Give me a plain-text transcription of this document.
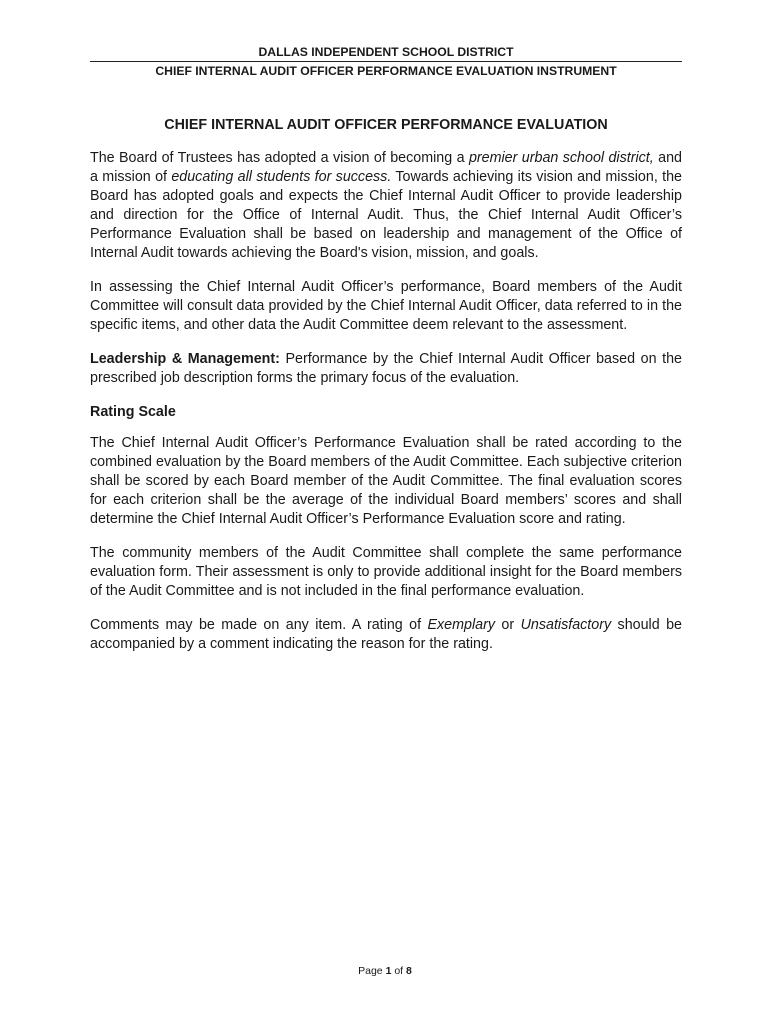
DALLAS INDEPENDENT SCHOOL DISTRICT
CHIEF INTERNAL AUDIT OFFICER PERFORMANCE EVALUATION INSTRUMENT
CHIEF INTERNAL AUDIT OFFICER PERFORMANCE EVALUATION

The Board of Trustees has adopted a vision of becoming a premier urban school district, and a mission of educating all students for success. Towards achieving its vision and mission, the Board has adopted goals and expects the Chief Internal Audit Officer to provide leadership and direction for the Office of Internal Audit. Thus, the Chief Internal Audit Officer’s Performance Evaluation shall be based on leadership and management of the Office of Internal Audit towards achieving the Board's vision, mission, and goals.

In assessing the Chief Internal Audit Officer’s performance, Board members of the Audit Committee will consult data provided by the Chief Internal Audit Officer, data referred to in the specific items, and other data the Audit Committee deem relevant to the assessment.

Leadership & Management: Performance by the Chief Internal Audit Officer based on the prescribed job description forms the primary focus of the evaluation.

Rating Scale

The Chief Internal Audit Officer’s Performance Evaluation shall be rated according to the combined evaluation by the Board members of the Audit Committee. Each subjective criterion shall be scored by each Board member of the Audit Committee. The final evaluation scores for each criterion shall be the average of the individual Board members’ scores and shall determine the Chief Internal Audit Officer’s Performance Evaluation score and rating.

The community members of the Audit Committee shall complete the same performance evaluation form. Their assessment is only to provide additional insight for the Board members of the Audit Committee and is not included in the final performance evaluation.

Comments may be made on any item. A rating of Exemplary or Unsatisfactory should be accompanied by a comment indicating the reason for the rating.

Page 1 of 8
